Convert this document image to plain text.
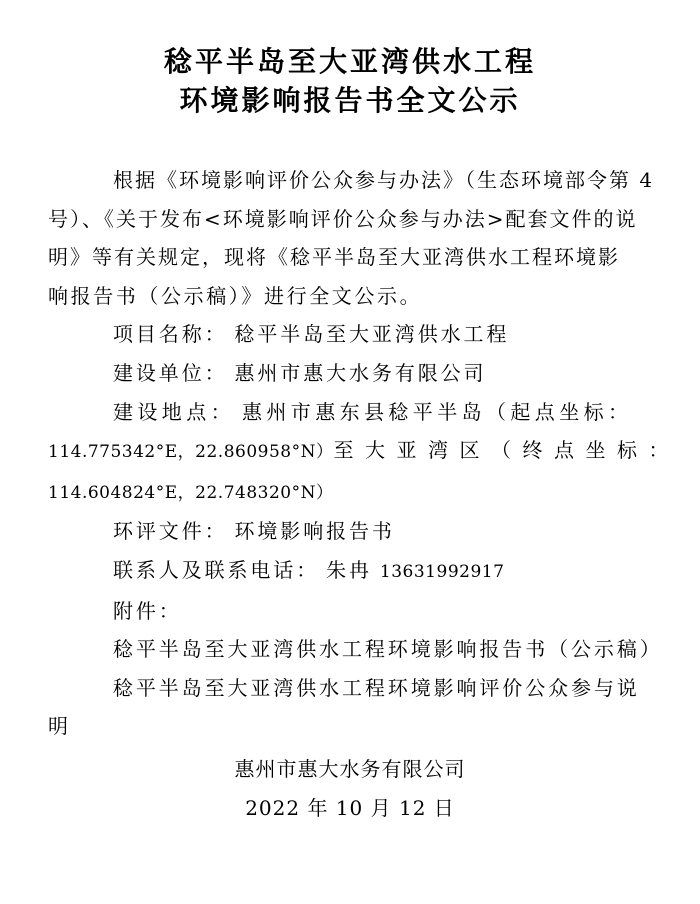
稔平半岛至大亚湾供水工程
环境影响报告书全文公示
根据《环境影响评价公众参与办法》（生态环境部令第 4
号）、《关于发布<环境影响评价公众参与办法>配套文件的说
明》等有关规定，现将《稔平半岛至大亚湾供水工程环境影
响报告书（公示稿）》进行全文公示。
项目名称： 稔平半岛至大亚湾供水工程
建设单位： 惠州市惠大水务有限公司
建设地点： 惠州市惠东县稔平半岛（起点坐标：
114.775342°E，22.860958°N）至大亚湾区（终点坐标：
114.604824°E，22.748320°N）
环评文件： 环境影响报告书
联系人及联系电话： 朱冉 13631992917
附件：
稔平半岛至大亚湾供水工程环境影响报告书（公示稿）
稔平半岛至大亚湾供水工程环境影响评价公众参与说
明
惠州市惠大水务有限公司
2022 年 10 月 12 日
